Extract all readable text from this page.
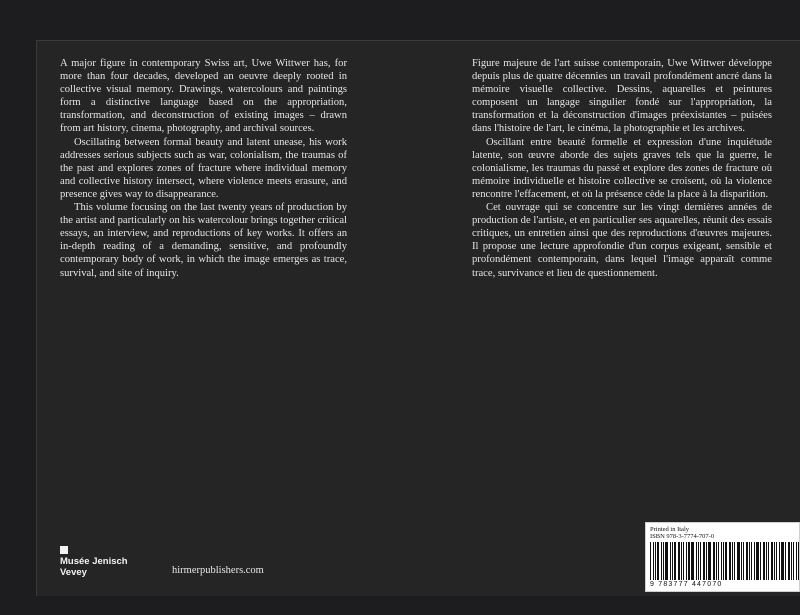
A major figure in contemporary Swiss art, Uwe Wittwer has, for more than four decades, developed an oeuvre deeply rooted in collective visual memory. Drawings, watercolours and paintings form a distinctive language based on the appropriation, transformation, and deconstruction of existing images – drawn from art history, cinema, photography, and archival sources.

Oscillating between formal beauty and latent unease, his work addresses serious subjects such as war, colonialism, the traumas of the past and explores zones of fracture where individual memory and collective history intersect, where violence meets erasure, and presence gives way to disappearance.

This volume focusing on the last twenty years of production by the artist and particularly on his watercolour brings together critical essays, an interview, and reproductions of key works. It offers an in-depth reading of a demanding, sensitive, and profoundly contemporary body of work, in which the image emerges as trace, survival, and site of inquiry.

Figure majeure de l'art suisse contemporain, Uwe Wittwer développe depuis plus de quatre décennies un travail profondément ancré dans la mémoire visuelle collective. Dessins, aquarelles et peintures composent un langage singulier fondé sur l'appropriation, la transformation et la déconstruction d'images préexistantes – puisées dans l'histoire de l'art, le cinéma, la photographie et les archives.

Oscillant entre beauté formelle et expression d'une inquiétude latente, son œuvre aborde des sujets graves tels que la guerre, le colonialisme, les traumas du passé et explore des zones de fracture où mémoire individuelle et histoire collective se croisent, où la violence rencontre l'effacement, et où la présence cède la place à la disparition.

Cet ouvrage qui se concentre sur les vingt dernières années de production de l'artiste, et en particulier ses aquarelles, réunit des essais critiques, un entretien ainsi que des reproductions d'œuvres majeures. Il propose une lecture approfondie d'un corpus exigeant, sensible et profondément contemporain, dans lequel l'image apparaît comme trace, survivance et lieu de questionnement.

Musée Jenisch
Vevey	hirmerpublishers.com
Printed in Italy
ISBN 978-3-7774-707-0
9 783777 447070
